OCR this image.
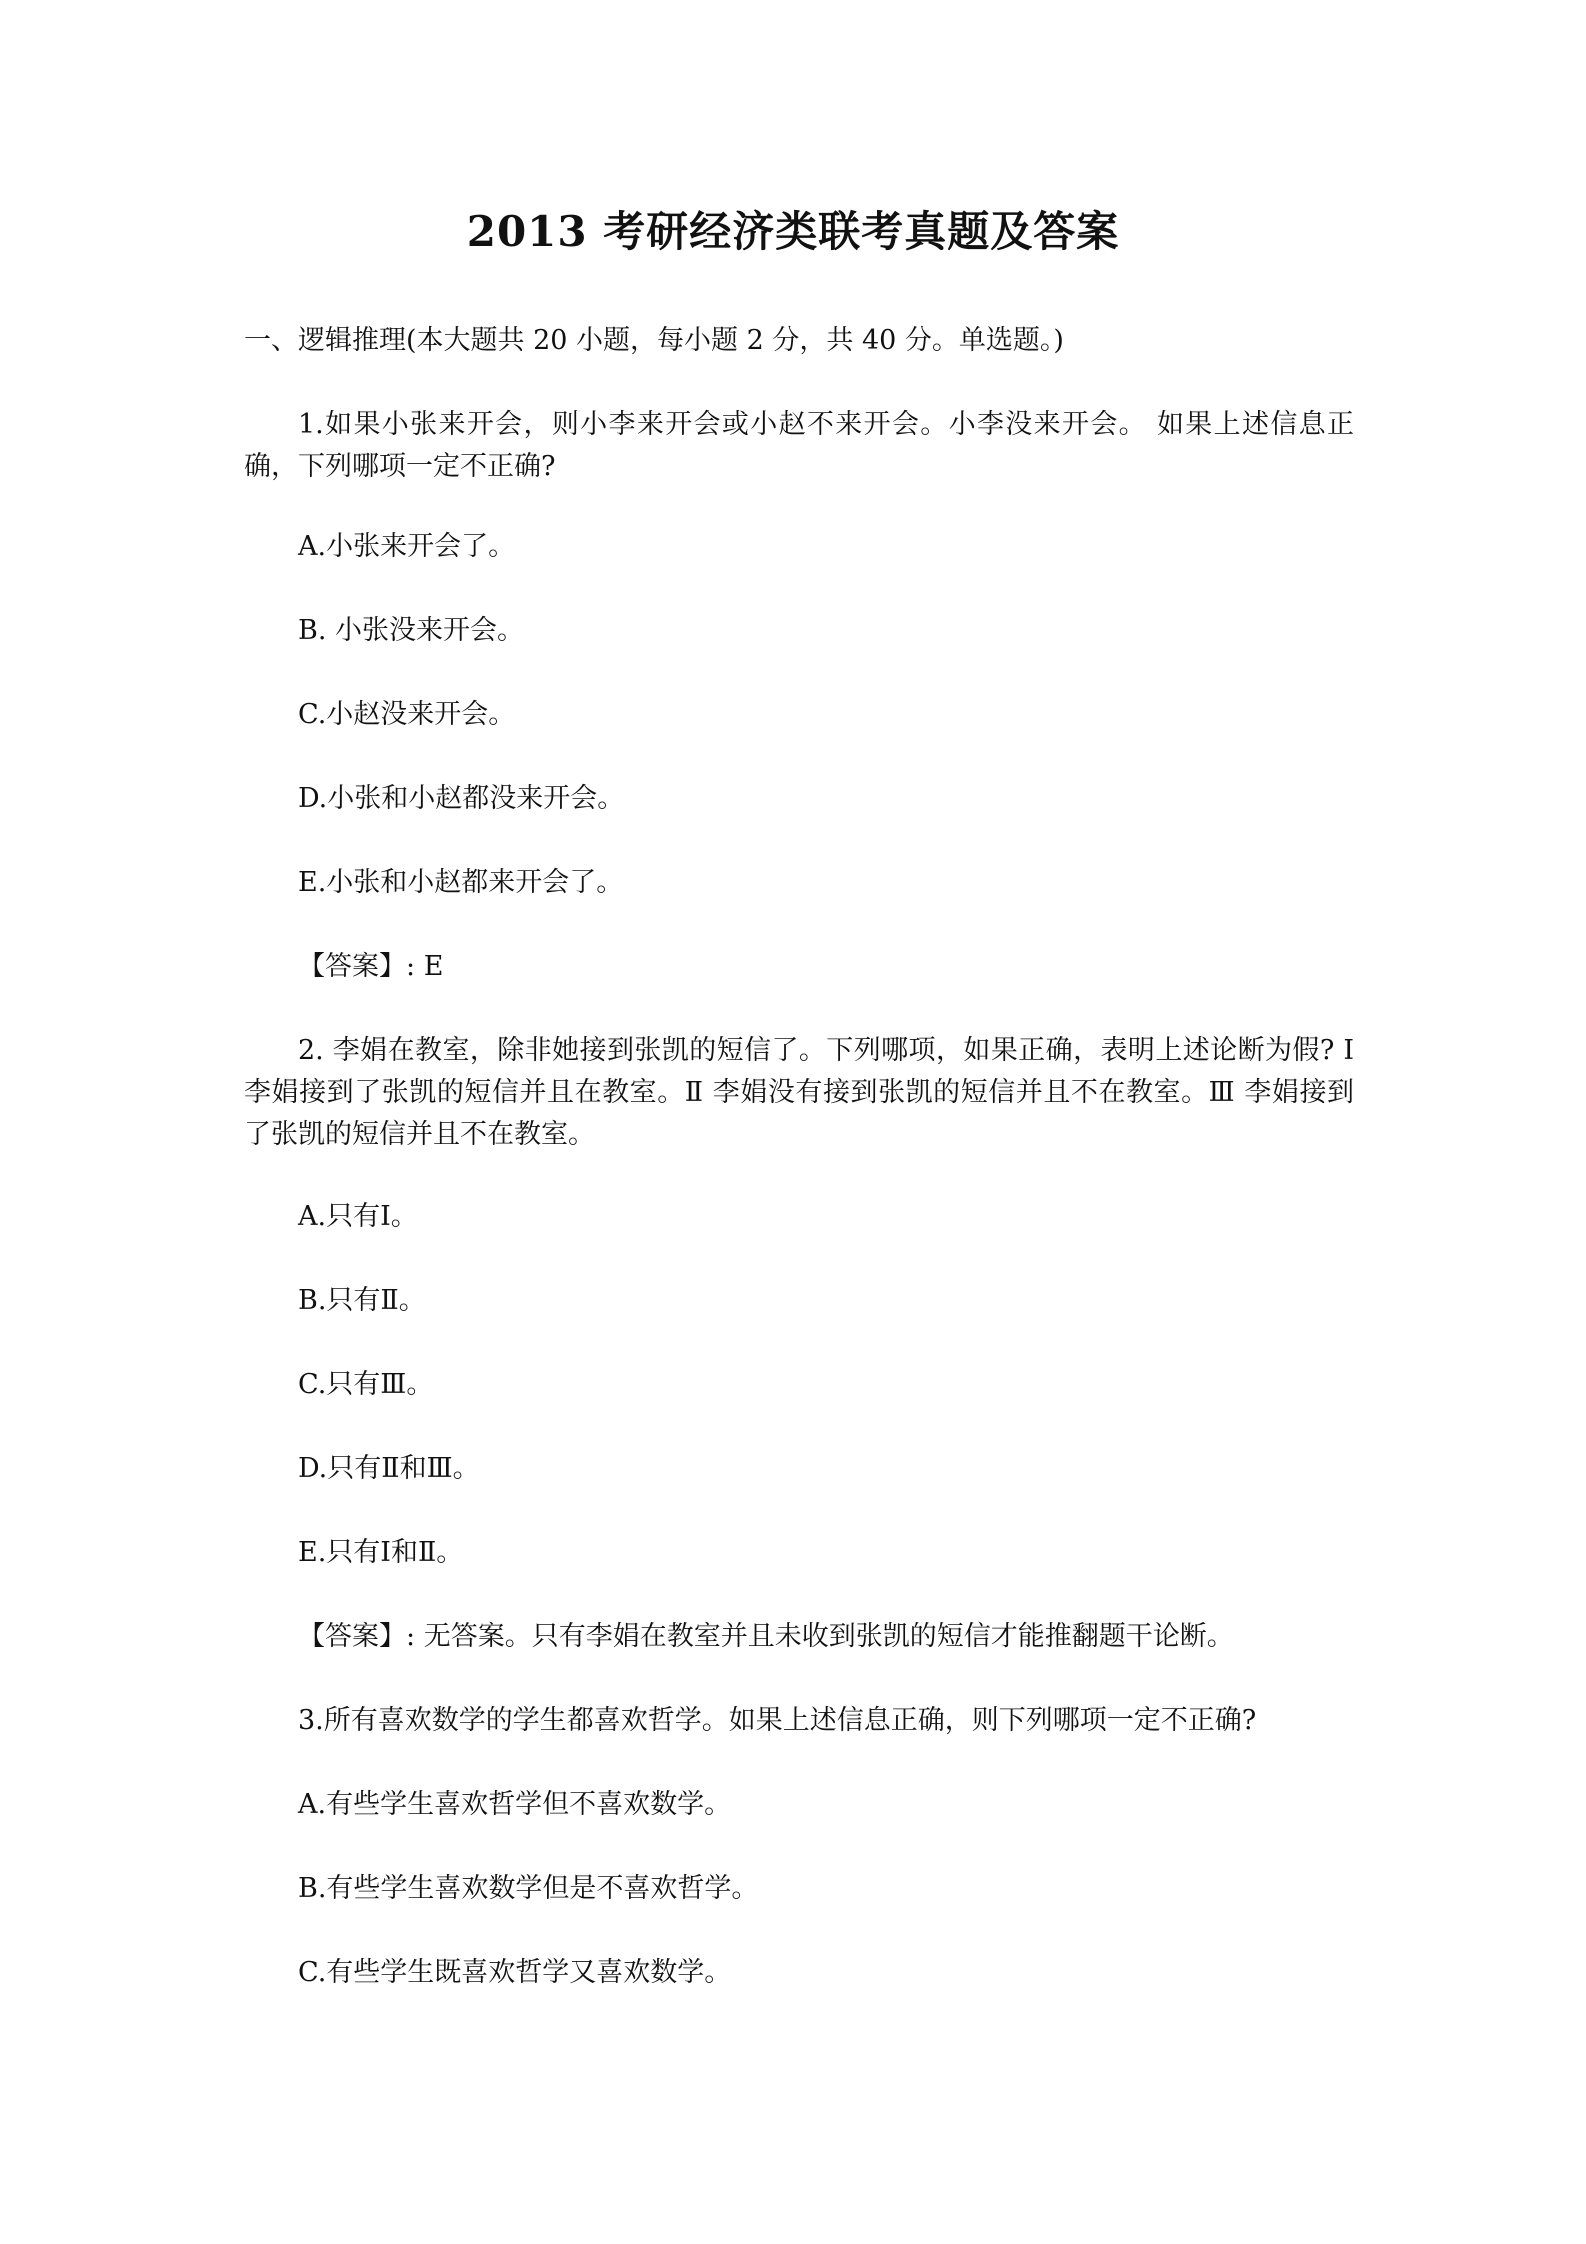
2013 考研经济类联考真题及答案
一、逻辑推理(本大题共 20 小题，每小题 2 分，共 40 分。单选题。)
1.如果小张来开会，则小李来开会或小赵不来开会。小李没来开会。 如果上述信息正确，下列哪项一定不正确?
A.小张来开会了。
B. 小张没来开会。
C.小赵没来开会。
D.小张和小赵都没来开会。
E.小张和小赵都来开会了。
【答案】: E
2. 李娟在教室，除非她接到张凯的短信了。下列哪项，如果正确，表明上述论断为假? Ⅰ 李娟接到了张凯的短信并且在教室。Ⅱ 李娟没有接到张凯的短信并且不在教室。Ⅲ 李娟接到了张凯的短信并且不在教室。
A.只有Ⅰ。
B.只有Ⅱ。
C.只有Ⅲ。
D.只有Ⅱ和Ⅲ。
E.只有Ⅰ和Ⅱ。
【答案】: 无答案。只有李娟在教室并且未收到张凯的短信才能推翻题干论断。
3.所有喜欢数学的学生都喜欢哲学。如果上述信息正确，则下列哪项一定不正确?
A.有些学生喜欢哲学但不喜欢数学。
B.有些学生喜欢数学但是不喜欢哲学。
C.有些学生既喜欢哲学又喜欢数学。
